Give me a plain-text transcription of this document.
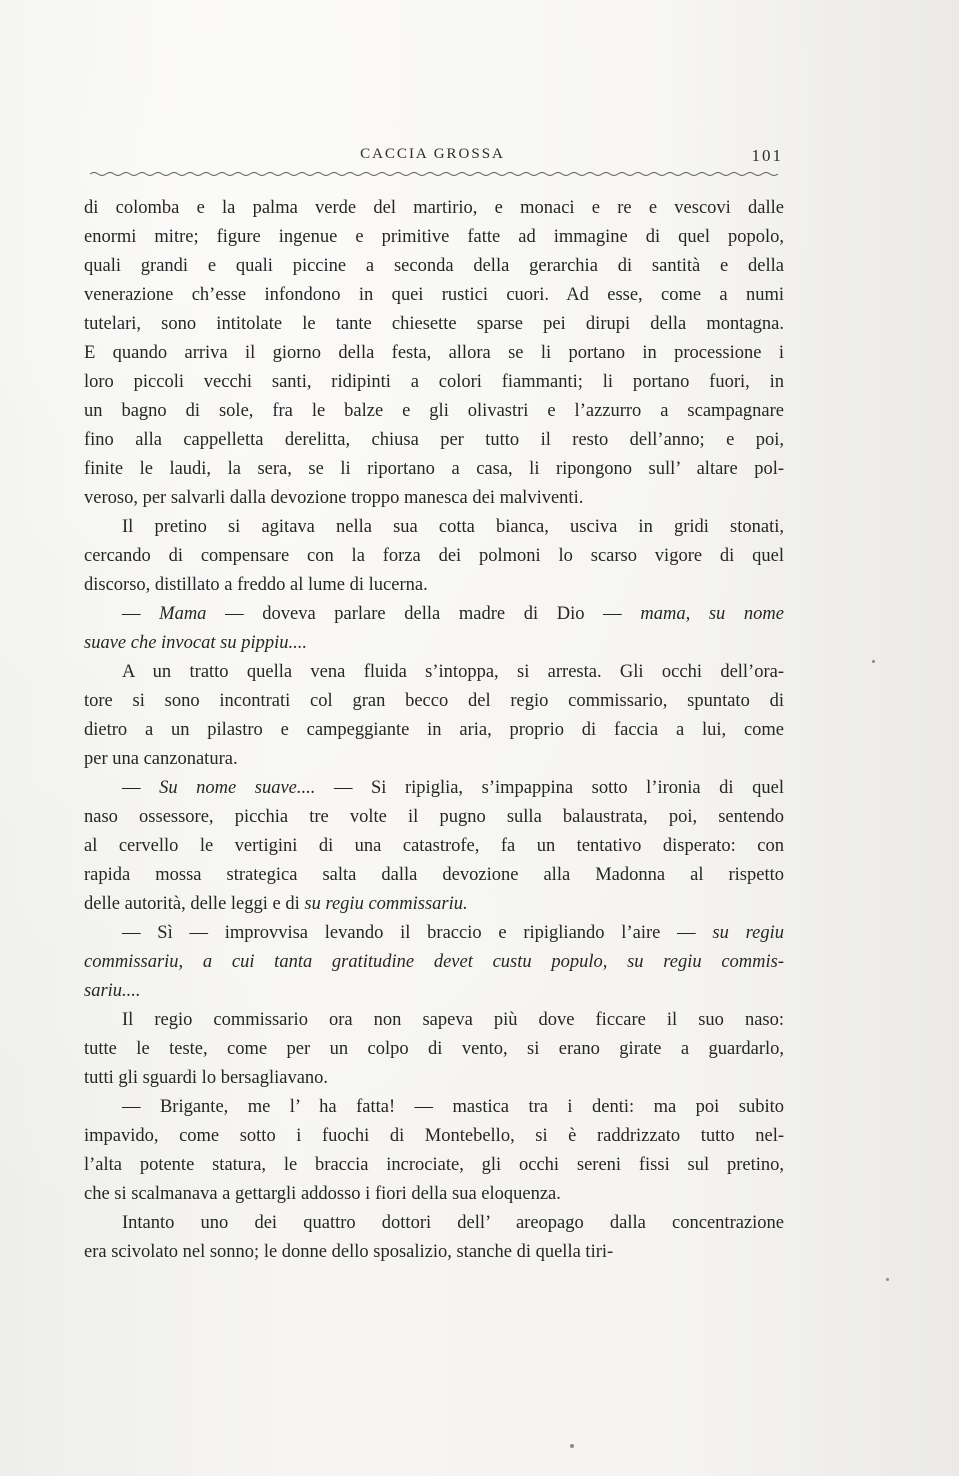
CACCIA GROSSA	101
di colomba e la palma verde del martirio, e monaci e re e vescovi dalle
enormi mitre; figure ingenue e primitive fatte ad immagine di quel popolo,
quali grandi e quali piccine a seconda della gerarchia di santità e della
venerazione ch’esse infondono in quei rustici cuori. Ad esse, come a numi
tutelari, sono intitolate le tante chiesette sparse pei dirupi della montagna.
E quando arriva il giorno della festa, allora se li portano in processione i
loro piccoli vecchi santi, ridipinti a colori fiammanti; li portano fuori, in
un bagno di sole, fra le balze e gli olivastri e l’azzurro a scampagnare
fino alla cappelletta derelitta, chiusa per tutto il resto dell’anno; e poi,
finite le laudi, la sera, se li riportano a casa, li ripongono sull’ altare pol-
veroso, per salvarli dalla devozione troppo manesca dei malviventi.
Il pretino si agitava nella sua cotta bianca, usciva in gridi stonati,
cercando di compensare con la forza dei polmoni lo scarso vigore di quel
discorso, distillato a freddo al lume di lucerna.
— Mama — doveva parlare della madre di Dio — mama, su nome
suave che invocat su pippiu....
A un tratto quella vena fluida s’intoppa, si arresta. Gli occhi dell’ora-
tore si sono incontrati col gran becco del regio commissario, spuntato di
dietro a un pilastro e campeggiante in aria, proprio di faccia a lui, come
per una canzonatura.
— Su nome suave.... — Si ripiglia, s’impappina sotto l’ironia di quel
naso ossessore, picchia tre volte il pugno sulla balaustrata, poi, sentendo
al cervello le vertigini di una catastrofe, fa un tentativo disperato: con
rapida mossa strategica salta dalla devozione alla Madonna al rispetto
delle autorità, delle leggi e di su regiu commissariu.
— Sì — improvvisa levando il braccio e ripigliando l’aire — su regiu
commissariu, a cui tanta gratitudine devet custu populo, su regiu commis-
sariu....
Il regio commissario ora non sapeva più dove ficcare il suo naso:
tutte le teste, come per un colpo di vento, si erano girate a guardarlo,
tutti gli sguardi lo bersagliavano.
— Brigante, me l’ ha fatta! — mastica tra i denti: ma poi subito
impavido, come sotto i fuochi di Montebello, si è raddrizzato tutto nel-
l’alta potente statura, le braccia incrociate, gli occhi sereni fissi sul pretino,
che si scalmanava a gettargli addosso i fiori della sua eloquenza.
Intanto uno dei quattro dottori dell’ areopago dalla concentrazione
era scivolato nel sonno; le donne dello sposalizio, stanche di quella tiri-
